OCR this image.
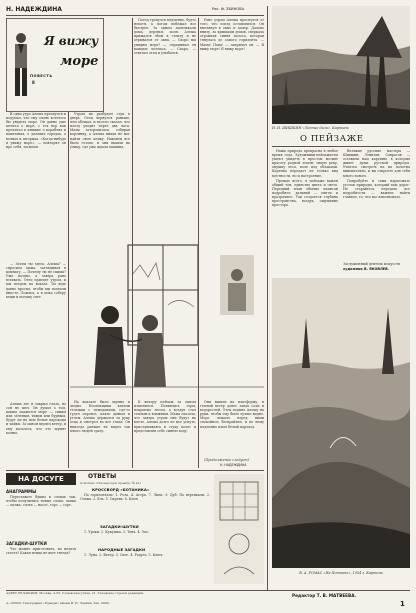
Н. НАДЕЖДИНА	Рис. Ф. ЗБИНОВА
Я вижу
море
ПОВЕСТЬ
8

В одно утро Алеша проснулся и подумал, что ему очень хотелось бы увидеть море. Он давно уже мечтал о море, с тех пор как прочитал в книжке о кораблях и капитанах, о далеких городах, о волнах и штормах. «Когда-нибудь я увижу море», — повторял он про себя, засыпая.

— Зачем ты здесь, Алеша? — спросила мама, заглядывая в комнату. — Почему ты не спишь? Уже поздно, а завтра рано вставать. Отец приедет утром, и мы поедем на вокзал. Ты ведь давно просил, чтобы мы поехали вместе. Ложись, а я пока соберу вещи и погашу свет.

Алеша лег и закрыл глаза, но сон не шел. Он думал о том, каким окажется море — синим или зеленым, тихим или бурным, будут ли на нем белые пароходы и чайки. За окном шумел ветер, и ему казалось, что это шумят волны.

Утром их разбудил стук в дверь. Отец вернулся раньше, чем обещал, и весело сказал, что поезд уходит через два часа. Мама заторопилась, собирая корзинку, а Алеша никак не мог найти свою кепку. Наконец все было готово, и они вышли на улицу, где уже ждала машина.

На вокзале было шумно и людно. Носильщики катили тележки с чемоданами, где-то гудел паровоз, пахло дымом и углем. Алеша держался за руку отца и смотрел во все глаза. Он никогда раньше не видел так много людей сразу.

Поезд тронулся медленно, будто нехотя, а потом побежал все быстрее. За окном замелькали дома, деревья, поля. Алеша прижался лбом к стеклу и не отрывался от окна. — Скоро мы увидим море? — спрашивал он каждые полчаса. — Скоро, — отвечал отец и улыбался.

К вечеру пейзаж за окном изменился. Появились горы, покрытые лесом, а воздух стал теплым и влажным. Мама сказала, что завтра утром они будут на месте. Алеша долго не мог уснуть, прислушиваясь к стуку колес и представляя себе синюю воду.

Рано утром Алеша проснулся от того, что поезд остановился. Он выглянул в окно и замер. Далеко внизу, за крышами домов, сверкала огромная синяя полоса, которая тянулась до самого горизонта. — Мама! Папа! — закричал он. — Я вижу море! Я вижу море!

Они вышли на платформу, и теплый ветер донес запах соли и водорослей. Отец поднял Алешу на руки, чтобы ему было лучше видно. Море лежало перед ними спокойное, бескрайнее, и по нему медленно плыл белый пароход.

(Продолжение следует)
Н. НАДЕЖДИНА
И. И. ШИШКИН «Лесные дали». Картина
О ПЕЙЗАЖЕ

Наша природа прекрасна в любое время года. Художники-пейзажисты умеют увидеть в простом мотиве красоту родной земли: тихую реку, опушку леса, поле под облаками. Картина передает не только вид местности, но и настроение.

Прежде всего, в пейзаже важен общий тон, единство цвета и света. Передний план обычно написан подробнее, дальний — мягче и прозрачнее. Так создается глубина пространства, воздух, ощущение простора.

Великие русские мастера — Шишкин, Левитан, Саврасов — оставили нам картины, в которых живет душа русской природы. Учитесь смотреть на их полотна внимательно, и вы откроете для себя много нового.

Попробуйте и сами нарисовать уголок природы, который вам дорог. Не старайтесь передать все подробности — важнее найти главное, то, что вас взволновало.

Заслуженный деятель искусств
художник В. ЯКОВЛЕВ.
В. А. РОМАС «На Понтине», 1954 г. Картина
НА ДОСУГЕ
АНАГРАММЫ

Переставьте буквы в словах так, чтобы получились новые слова: лапка — палка, сосна — насос, торс — сорт.

ЗАГАДКИ-ШУТКИ

Что можно приготовить, но нельзя съесть? Какая птица не вьет гнезда?

ОТВЕТЫ
(Смотри «Пионерскую правду» № 41)
КРОССВОРД «БОТАНИКА»

По горизонтали: 1. Роза. 4. Астра. 7. Липа. 9. Дуб. По вертикали: 2. Осина. 3. Ель. 5. Сирень. 6. Клен.

ЗАГАДКИ-ШУТКИ

1. Уроки. 2. Кукушка. 3. Тень. 4. Эхо.

НАРОДНЫЕ ЗАГАДКИ

1. Луна. 2. Ветер. 3. Снег. 4. Радуга. 5. Ключ.

АДРЕС РЕДАКЦИИ: Москва, А-55, Сущевская улица, 21. Телефоны отделов редакции.	Редактор Т. В. МАТВЕЕВА.
А—00000. Типография «Правды» имени В. И. Ленина. Зак. 0000.	1
